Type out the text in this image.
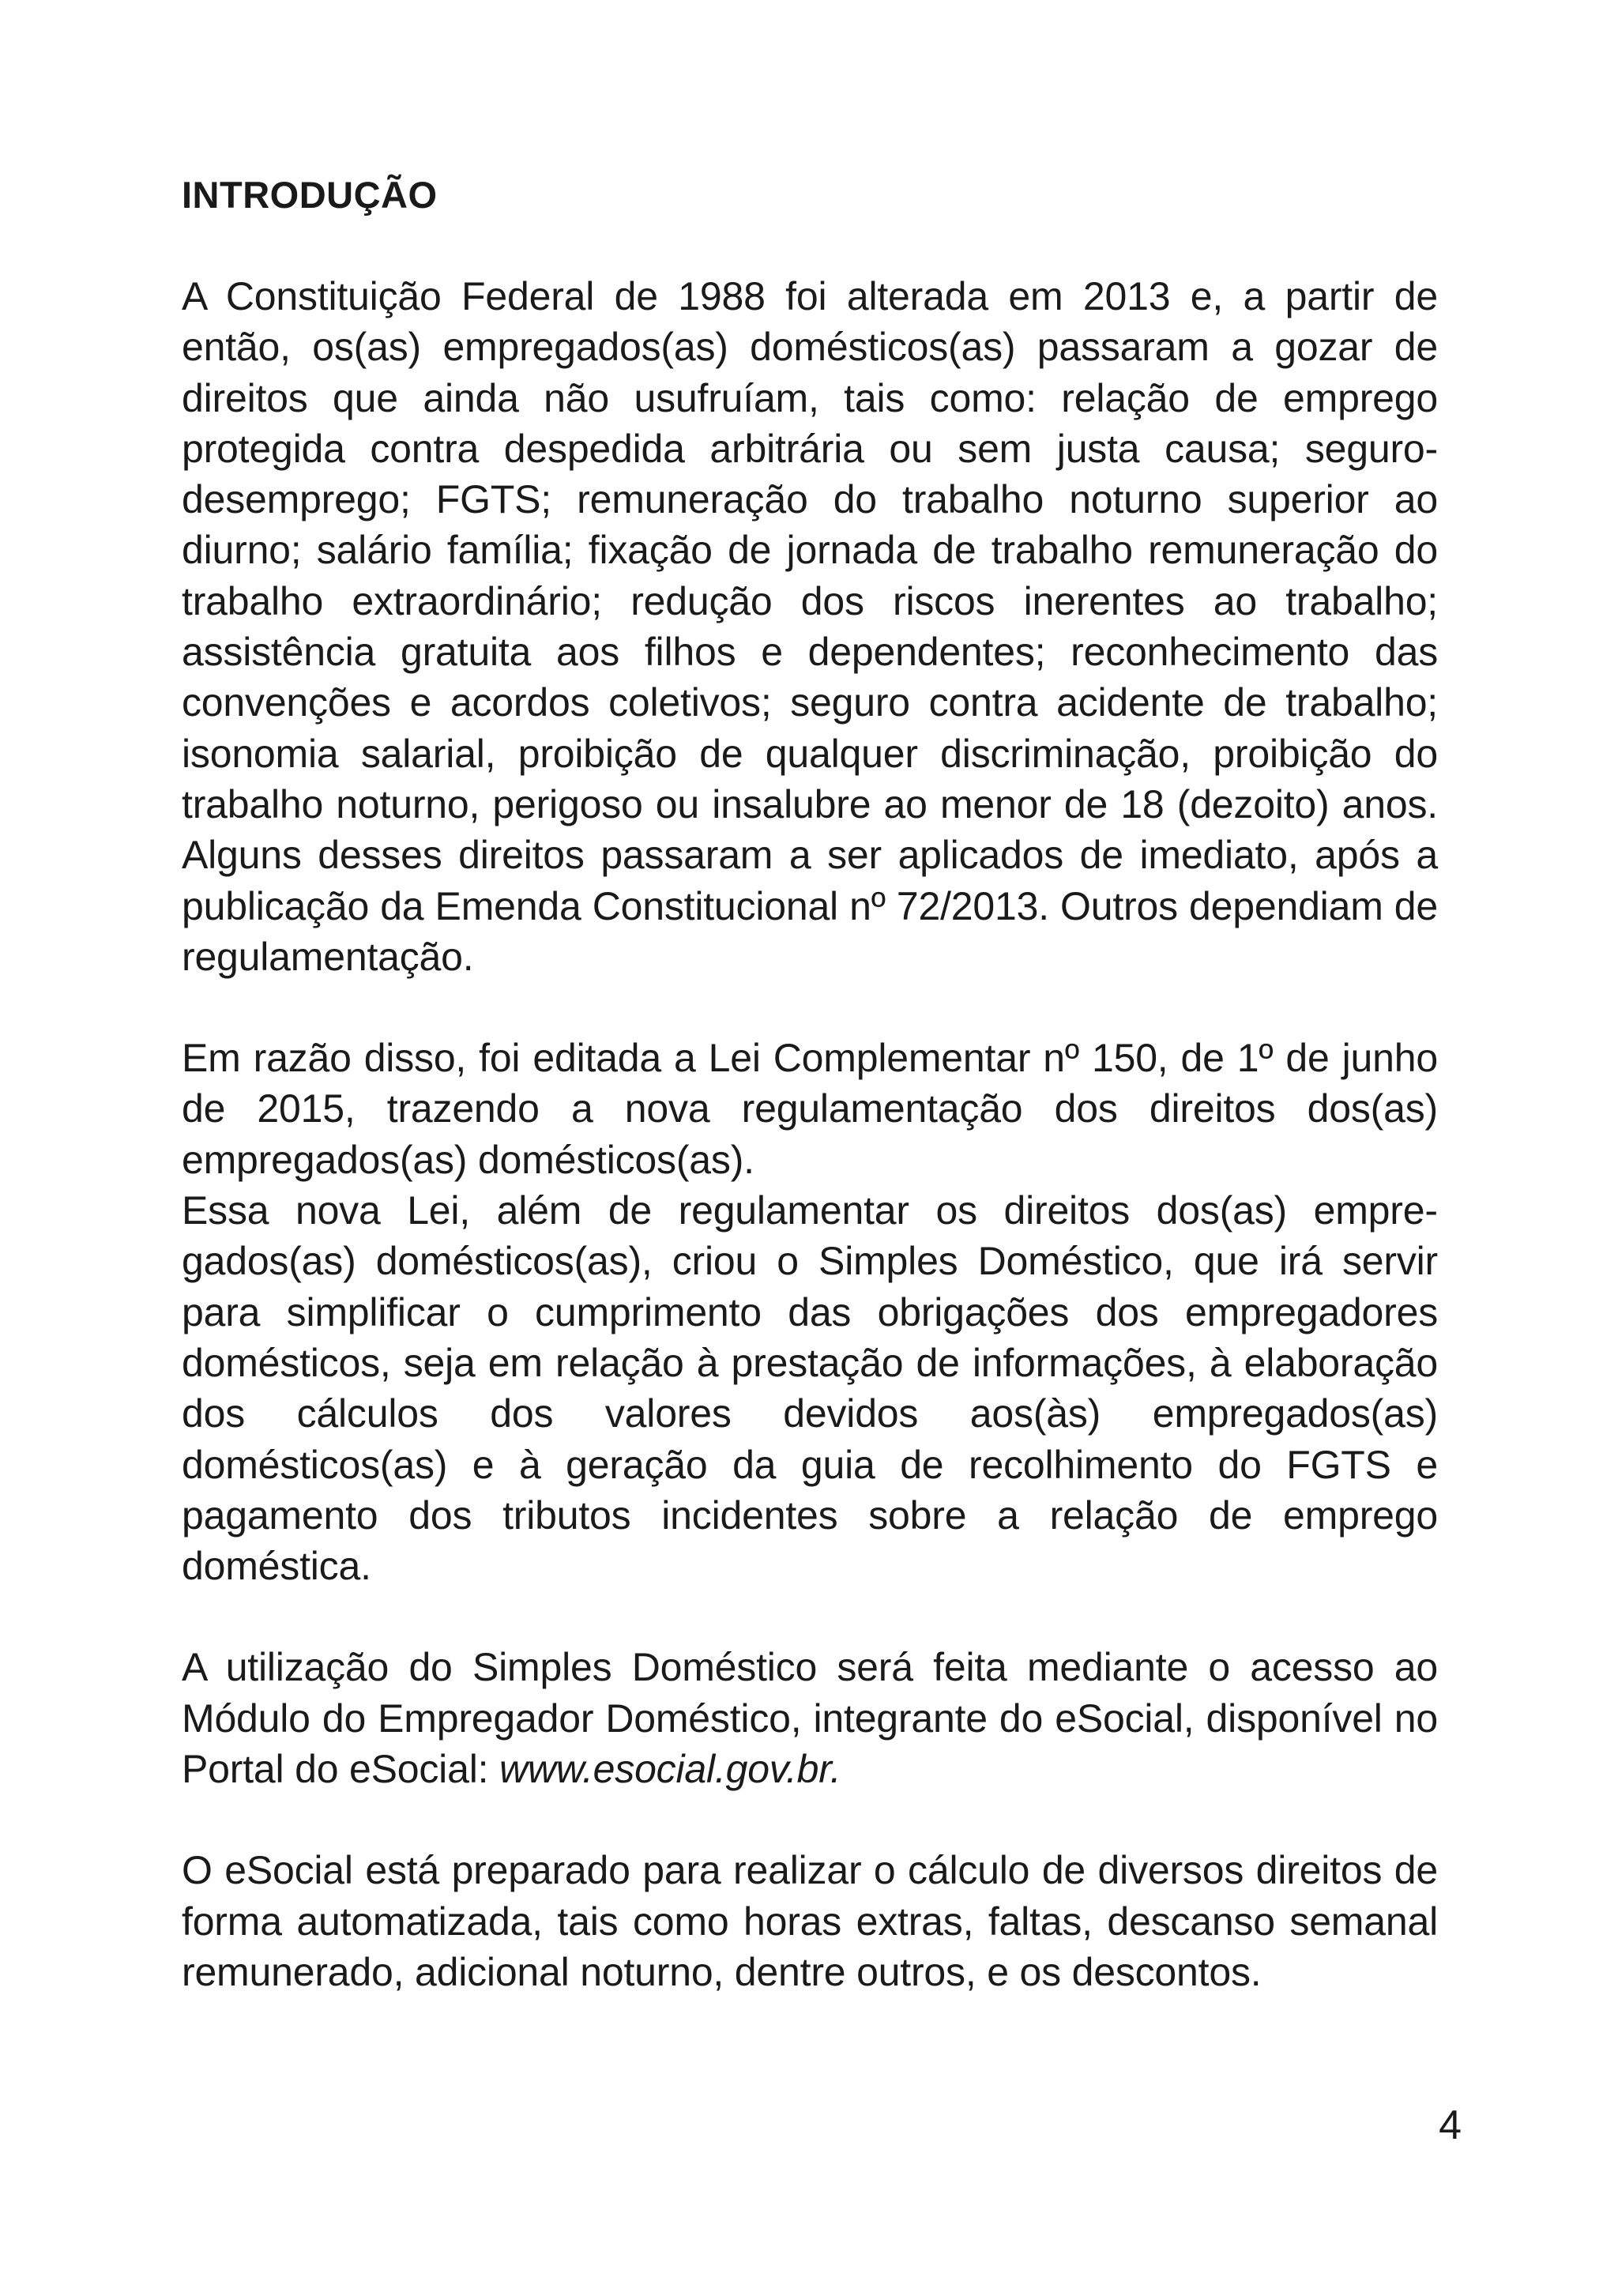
INTRODUÇÃO

A Constituição Federal de 1988 foi alterada em 2013 e, a partir de então, os(as) empregados(as) domésticos(as) passaram a gozar de direitos que ainda não usufruíam, tais como: relação de emprego protegida contra despedida arbitrária ou sem justa causa; seguro-desemprego; FGTS; remuneração do trabalho noturno superior ao diurno; salário família; fixação de jornada de trabalho remuneração do trabalho extraordinário; redução dos riscos inerentes ao trabalho; assistência gratuita aos filhos e dependentes; reconhecimento das convenções e acordos coletivos; seguro contra acidente de trabalho; isonomia salarial, proibição de qualquer discriminação, proibição do trabalho noturno, perigoso ou insalubre ao menor de 18 (dezoito) anos. Alguns desses direitos passaram a ser aplicados de imediato, após a publicação da Emenda Constitucional nº 72/2013. Outros dependiam de regulamentação.

Em razão disso, foi editada a Lei Complementar nº 150, de 1º de junho de 2015, trazendo a nova regulamentação dos direitos dos(as) empregados(as) domésticos(as).

Essa nova Lei, além de regulamentar os direitos dos(as) empregados(as) domésticos(as), criou o Simples Doméstico, que irá servir para simplificar o cumprimento das obrigações dos empregadores domésticos, seja em relação à prestação de informações, à elaboração dos cálculos dos valores devidos aos(às) empregados(as) domésticos(as) e à geração da guia de recolhimento do FGTS e pagamento dos tributos incidentes sobre a relação de emprego doméstica.

A utilização do Simples Doméstico será feita mediante o acesso ao Módulo do Empregador Doméstico, integrante do eSocial, disponível no Portal do eSocial: www.esocial.gov.br.

O eSocial está preparado para realizar o cálculo de diversos direitos de forma automatizada, tais como horas extras, faltas, descanso semanal remunerado, adicional noturno, dentre outros, e os descontos.

4
